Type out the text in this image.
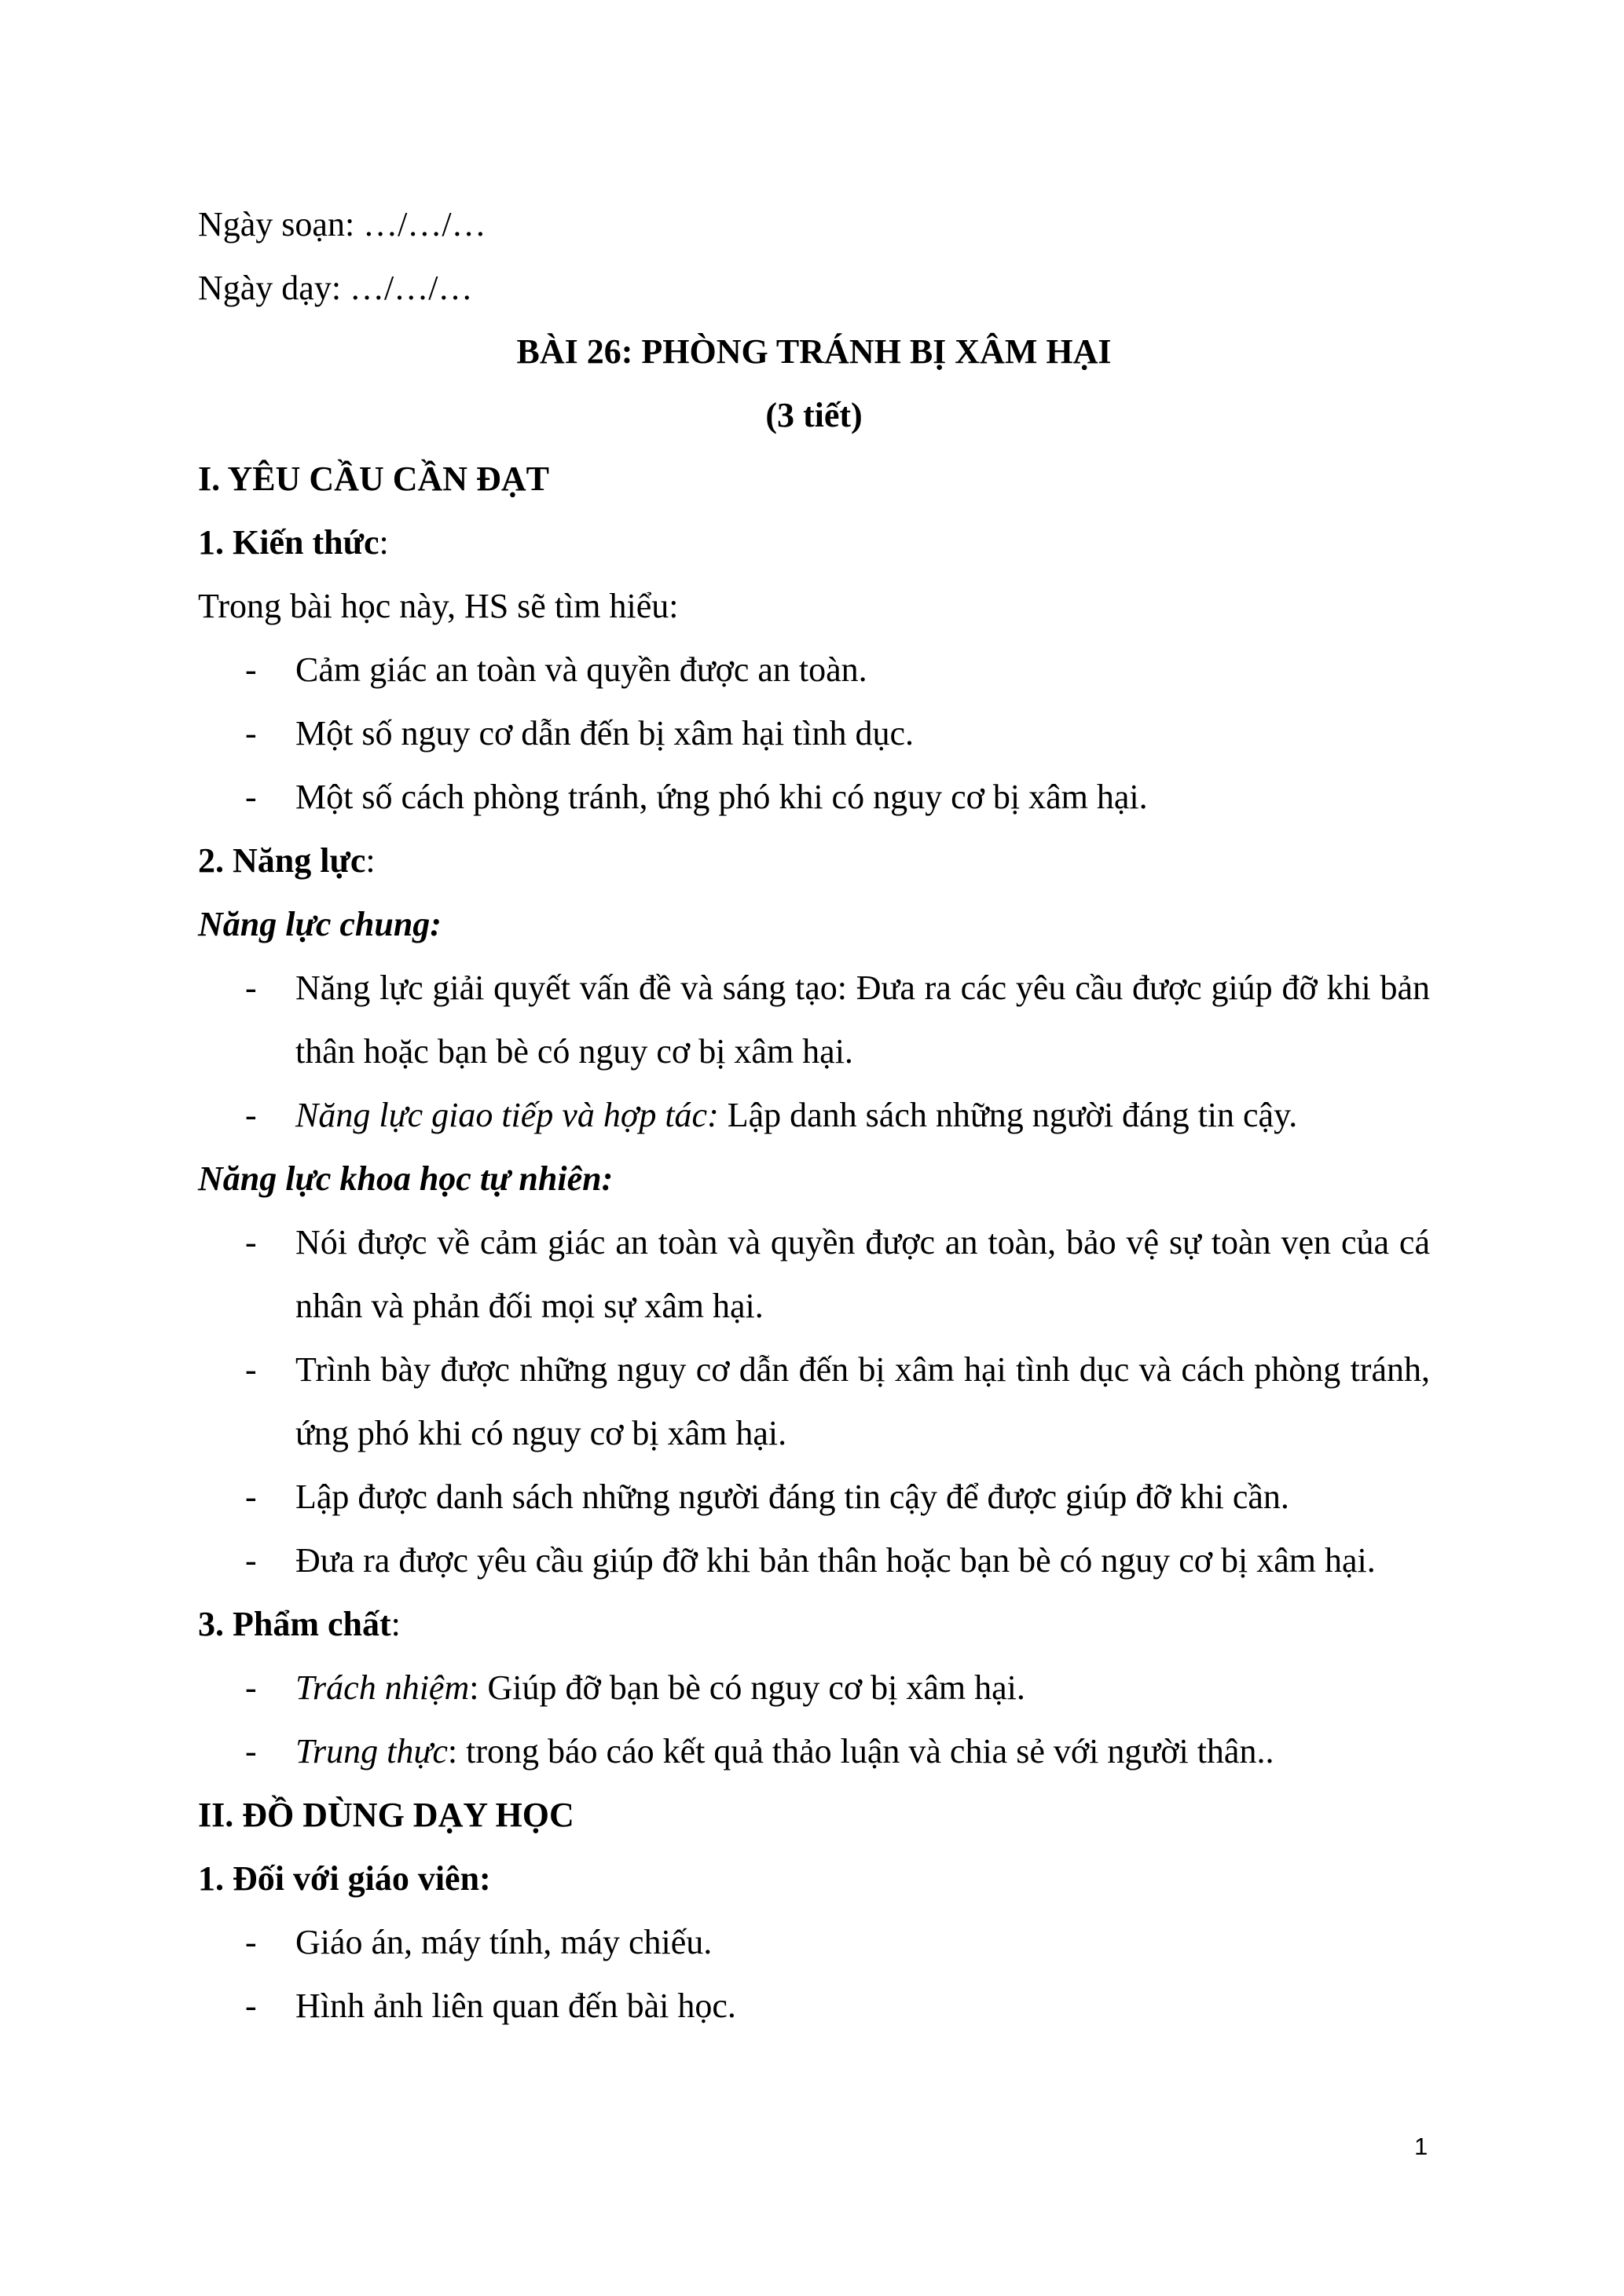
Ngày soạn: …/…/…
Ngày dạy: …/…/…
BÀI 26: PHÒNG TRÁNH BỊ XÂM HẠI
(3 tiết)
I. YÊU CẦU CẦN ĐẠT
1. Kiến thức:
Trong bài học này, HS sẽ tìm hiểu:
- Cảm giác an toàn và quyền được an toàn.
- Một số nguy cơ dẫn đến bị xâm hại tình dục.
- Một số cách phòng tránh, ứng phó khi có nguy cơ bị xâm hại.
2. Năng lực:
Năng lực chung:
- Năng lực giải quyết vấn đề và sáng tạo: Đưa ra các yêu cầu được giúp đỡ khi bản thân hoặc bạn bè có nguy cơ bị xâm hại.
- Năng lực giao tiếp và hợp tác: Lập danh sách những người đáng tin cậy.
Năng lực khoa học tự nhiên:
- Nói được về cảm giác an toàn và quyền được an toàn, bảo vệ sự toàn vẹn của cá nhân và phản đối mọi sự xâm hại.
- Trình bày được những nguy cơ dẫn đến bị xâm hại tình dục và cách phòng tránh, ứng phó khi có nguy cơ bị xâm hại.
- Lập được danh sách những người đáng tin cậy để được giúp đỡ khi cần.
- Đưa ra được yêu cầu giúp đỡ khi bản thân hoặc bạn bè có nguy cơ bị xâm hại.
3. Phẩm chất:
- Trách nhiệm: Giúp đỡ bạn bè có nguy cơ bị xâm hại.
- Trung thực: trong báo cáo kết quả thảo luận và chia sẻ với người thân..
II. ĐỒ DÙNG DẠY HỌC
1. Đối với giáo viên:
- Giáo án, máy tính, máy chiếu.
- Hình ảnh liên quan đến bài học.
1
